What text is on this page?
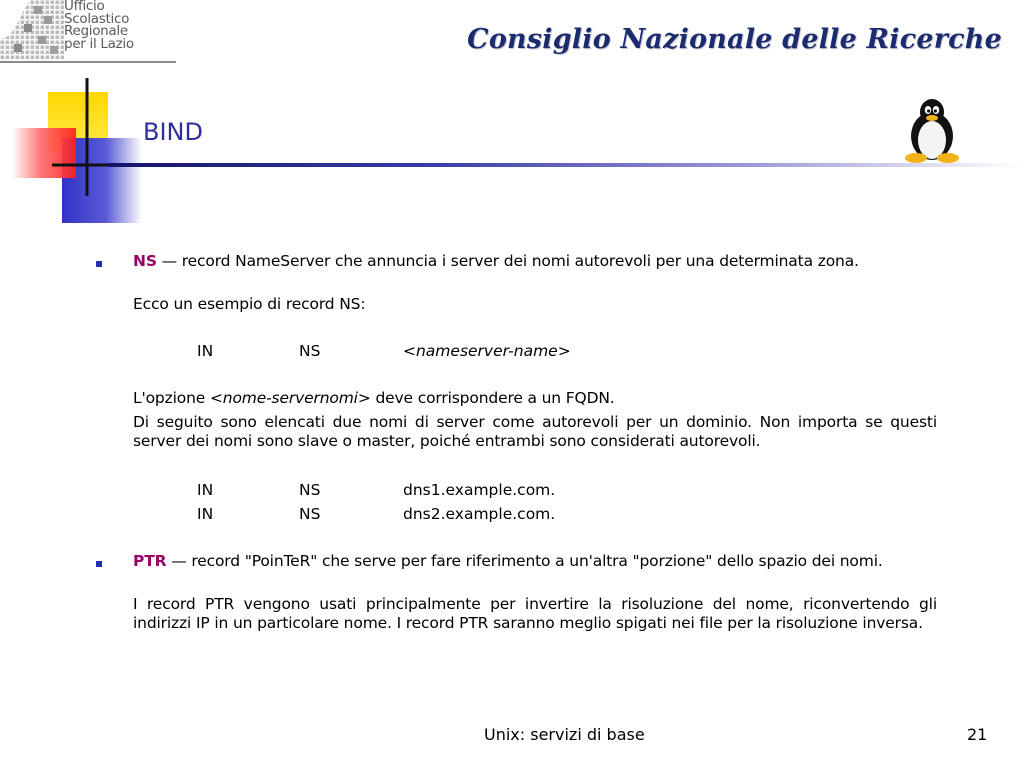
Ufficio
Scolastico
Regionale
per il Lazio	Consiglio Nazionale delle Ricerche
BIND
NS — record NameServer che annuncia i server dei nomi autorevoli per una determinata zona.
Ecco un esempio di record NS:
IN	NS	<nameserver-name>
L'opzione <nome-servernomi> deve corrispondere a un FQDN.
Di seguito sono elencati due nomi di server come autorevoli per un dominio. Non importa se questi server dei nomi sono slave o master, poiché entrambi sono considerati autorevoli.
IN	NS	dns1.example.com.
IN	NS	dns2.example.com.
PTR — record "PoinTeR" che serve per fare riferimento a un'altra "porzione" dello spazio dei nomi.
I record PTR vengono usati principalmente per invertire la risoluzione del nome, riconvertendo gli indirizzi IP in un particolare nome. I record PTR saranno meglio spigati nei file per la risoluzione inversa.
Unix: servizi di base	21
